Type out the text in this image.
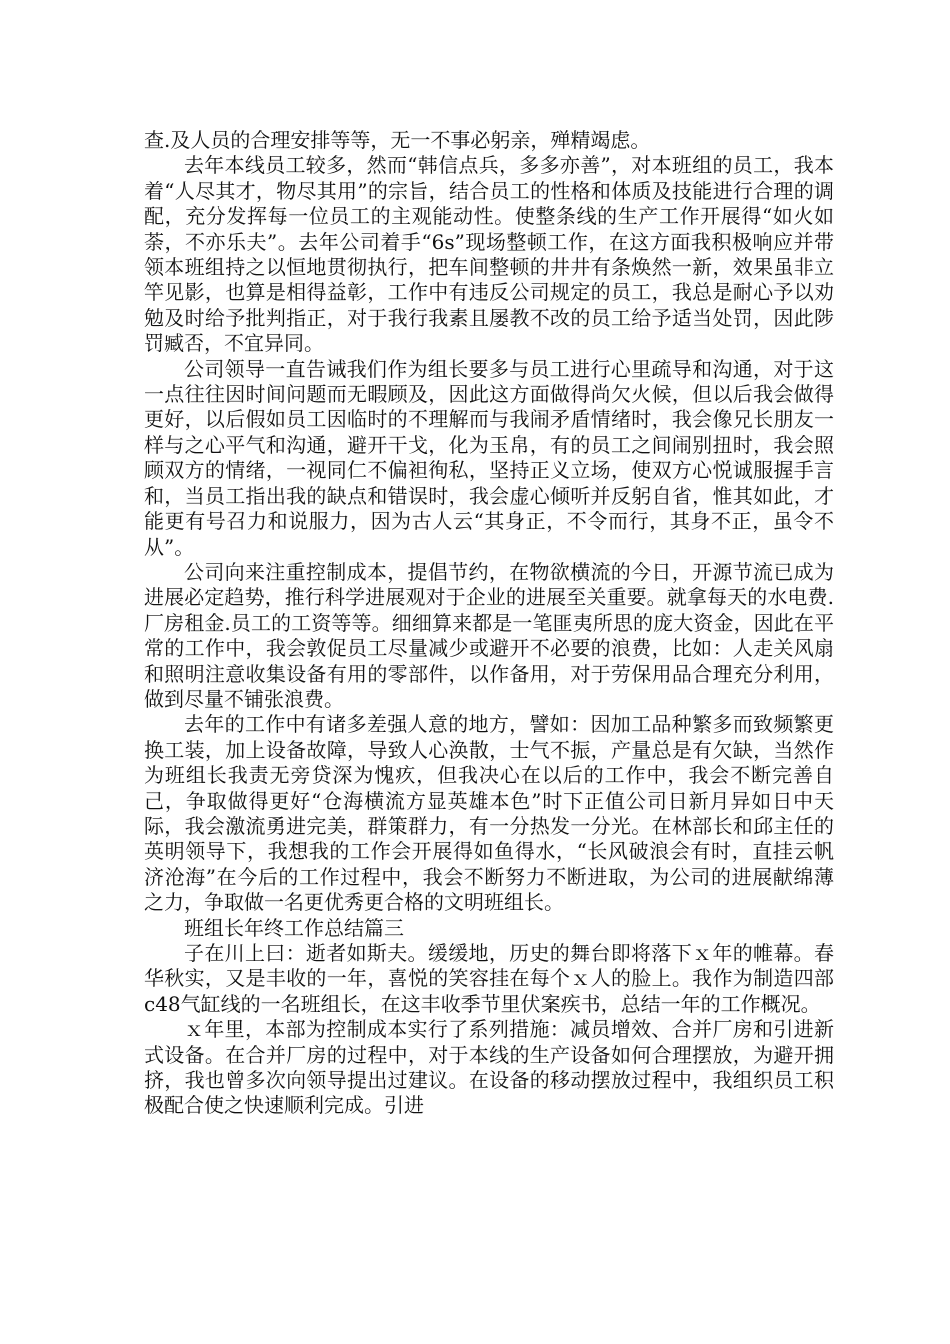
查.及人员的合理安排等等，无一不事必躬亲，殚精竭虑。

去年本线员工较多，然而“韩信点兵，多多亦善”，对本班组的员工，我本着“人尽其才，物尽其用”的宗旨，结合员工的性格和体质及技能进行合理的调配，充分发挥每一位员工的主观能动性。使整条线的生产工作开展得“如火如荼，不亦乐夫”。去年公司着手“6s”现场整顿工作，在这方面我积极响应并带领本班组持之以恒地贯彻执行，把车间整顿的井井有条焕然一新，效果虽非立竿见影，也算是相得益彰，工作中有违反公司规定的员工，我总是耐心予以劝勉及时给予批判指正，对于我行我素且屡教不改的员工给予适当处罚，因此陟罚臧否，不宜异同。

公司领导一直告诫我们作为组长要多与员工进行心里疏导和沟通，对于这一点往往因时间问题而无暇顾及，因此这方面做得尚欠火候，但以后我会做得更好，以后假如员工因临时的不理解而与我闹矛盾情绪时，我会像兄长朋友一样与之心平气和沟通，避开干戈，化为玉帛，有的员工之间闹别扭时，我会照顾双方的情绪，一视同仁不偏袒徇私，坚持正义立场，使双方心悦诚服握手言和，当员工指出我的缺点和错误时，我会虚心倾听并反躬自省，惟其如此，才能更有号召力和说服力，因为古人云“其身正，不令而行，其身不正，虽令不从”。

公司向来注重控制成本，提倡节约，在物欲横流的今日，开源节流已成为进展必定趋势，推行科学进展观对于企业的进展至关重要。就拿每天的水电费.厂房租金.员工的工资等等。细细算来都是一笔匪夷所思的庞大资金，因此在平常的工作中，我会敦促员工尽量减少或避开不必要的浪费，比如：人走关风扇和照明注意收集设备有用的零部件，以作备用，对于劳保用品合理充分利用，做到尽量不铺张浪费。

去年的工作中有诸多差强人意的地方，譬如：因加工品种繁多而致频繁更换工装，加上设备故障，导致人心涣散，士气不振，产量总是有欠缺，当然作为班组长我责无旁贷深为愧疚，但我决心在以后的工作中，我会不断完善自己，争取做得更好“仓海横流方显英雄本色”时下正值公司日新月异如日中天际，我会激流勇进完美，群策群力，有一分热发一分光。在林部长和邱主任的英明领导下，我想我的工作会开展得如鱼得水，“长风破浪会有时，直挂云帆济沧海”在今后的工作过程中，我会不断努力不断进取，为公司的进展献绵薄之力，争取做一名更优秀更合格的文明班组长。

班组长年终工作总结篇三

子在川上曰：逝者如斯夫。缓缓地，历史的舞台即将落下ｘ年的帷幕。春华秋实，又是丰收的一年，喜悦的笑容挂在每个ｘ人的脸上。我作为制造四部c48气缸线的一名班组长，在这丰收季节里伏案疾书，总结一年的工作概况。

ｘ年里，本部为控制成本实行了系列措施：减员增效、合并厂房和引进新式设备。在合并厂房的过程中，对于本线的生产设备如何合理摆放，为避开拥挤，我也曾多次向领导提出过建议。在设备的移动摆放过程中，我组织员工积极配合使之快速顺利完成。引进
